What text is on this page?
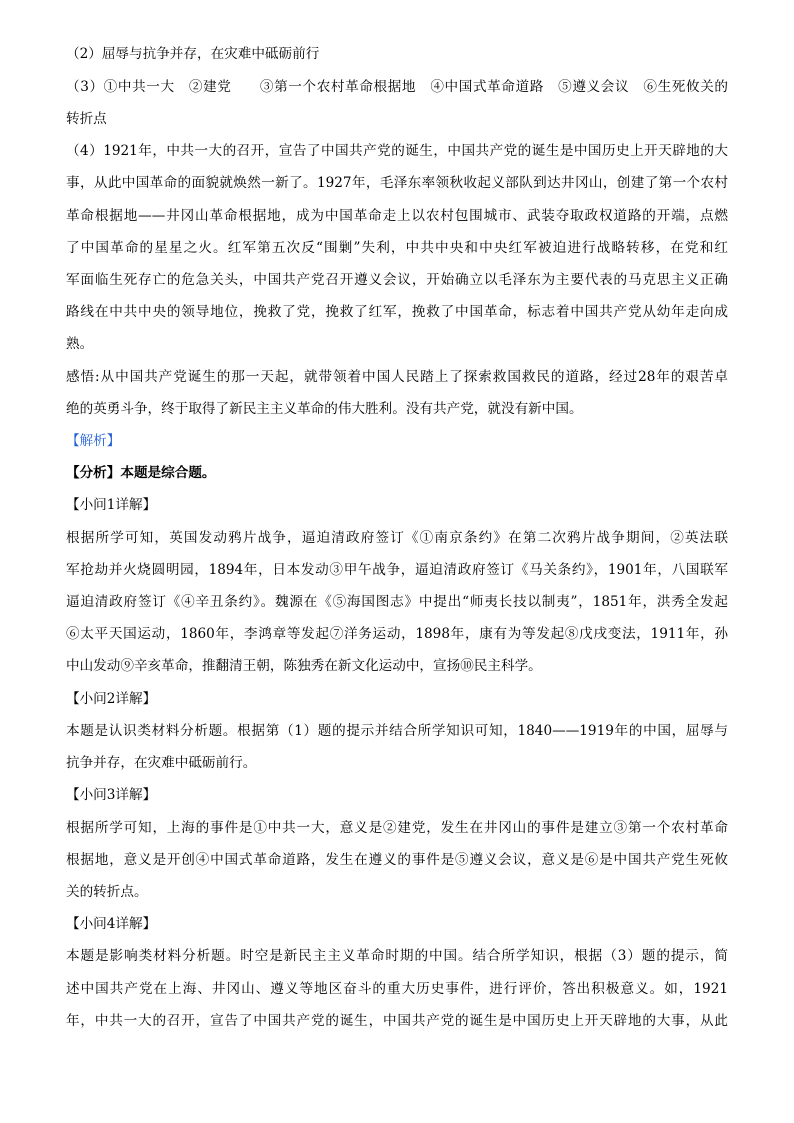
（2）屈辱与抗争并存，在灾难中砥砺前行
（3）①中共一大　②建党　　③第一个农村革命根据地　④中国式革命道路　⑤遵义会议　⑥生死攸关的
转折点
（4）1921年，中共一大的召开，宣告了中国共产党的诞生，中国共产党的诞生是中国历史上开天辟地的大
事，从此中国革命的面貌就焕然一新了。1927年，毛泽东率领秋收起义部队到达井冈山，创建了第一个农村
革命根据地——井冈山革命根据地，成为中国革命走上以农村包围城市、武装夺取政权道路的开端，点燃
了中国革命的星星之火。红军第五次反“围剿”失利，中共中央和中央红军被迫进行战略转移，在党和红
军面临生死存亡的危急关头，中国共产党召开遵义会议，开始确立以毛泽东为主要代表的马克思主义正确
路线在中共中央的领导地位，挽救了党，挽救了红军，挽救了中国革命，标志着中国共产党从幼年走向成
熟。
感悟:从中国共产党诞生的那一天起，就带领着中国人民踏上了探索救国救民的道路，经过28年的艰苦卓
绝的英勇斗争，终于取得了新民主主义革命的伟大胜利。没有共产党，就没有新中国。
【解析】
【分析】本题是综合题。
【小问1详解】
根据所学可知，英国发动鸦片战争，逼迫清政府签订《①南京条约》在第二次鸦片战争期间，②英法联
军抢劫并火烧圆明园，1894年，日本发动③甲午战争，逼迫清政府签订《马关条约》，1901年，八国联军
逼迫清政府签订《④辛丑条约》。魏源在《⑤海国图志》中提出“师夷长技以制夷”，1851年，洪秀全发起
⑥太平天国运动，1860年，李鸿章等发起⑦洋务运动，1898年，康有为等发起⑧戊戌变法，1911年，孙
中山发动⑨辛亥革命，推翻清王朝，陈独秀在新文化运动中，宣扬⑩民主科学。
【小问2详解】
本题是认识类材料分析题。根据第（1）题的提示并结合所学知识可知，1840——1919年的中国，屈辱与
抗争并存，在灾难中砥砺前行。
【小问3详解】
根据所学可知，上海的事件是①中共一大，意义是②建党，发生在井冈山的事件是建立③第一个农村革命
根据地，意义是开创④中国式革命道路，发生在遵义的事件是⑤遵义会议，意义是⑥是中国共产党生死攸
关的转折点。
【小问4详解】
本题是影响类材料分析题。时空是新民主主义革命时期的中国。结合所学知识，根据（3）题的提示，简
述中国共产党在上海、井冈山、遵义等地区奋斗的重大历史事件，进行评价，答出积极意义。如，1921
年，中共一大的召开，宣告了中国共产党的诞生，中国共产党的诞生是中国历史上开天辟地的大事，从此
